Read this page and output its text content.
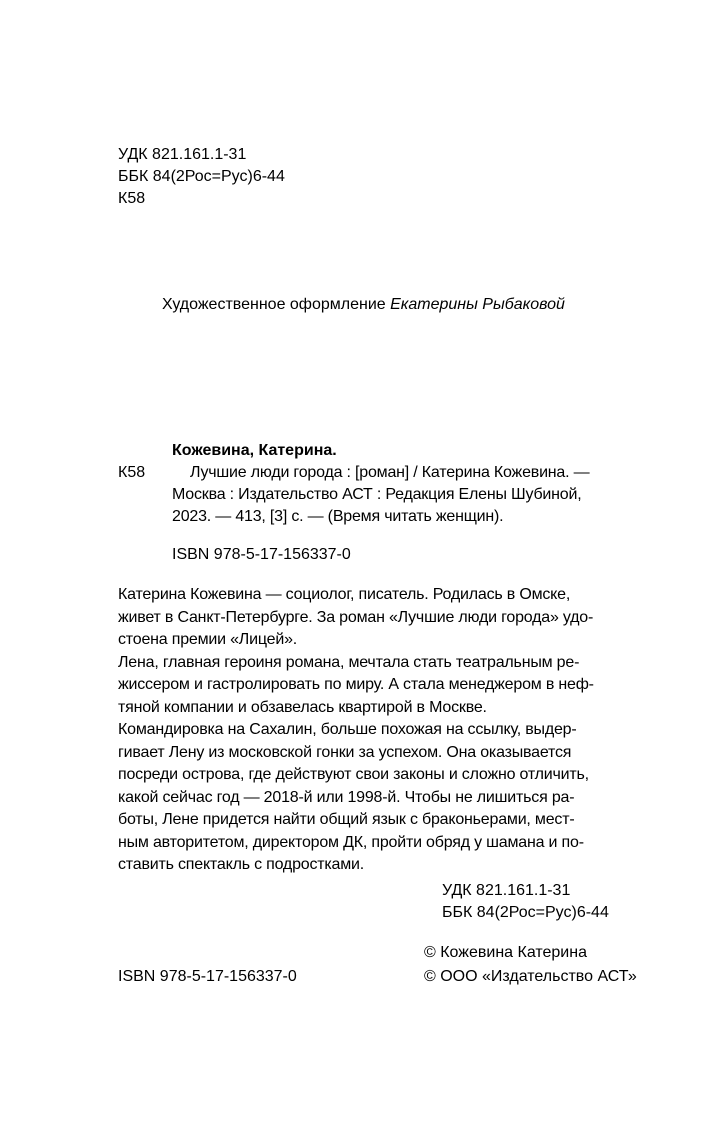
УДК 821.161.1-31
ББК 84(2Рос=Рус)6-44
К58
Художественное оформление Екатерины Рыбаковой
Кожевина, Катерина.
К58	Лучшие люди города : [роман] / Катерина Кожевина. —
Москва : Издательство АСТ : Редакция Елены Шубиной,
2023. — 413, [3] с. — (Время читать женщин).
ISBN 978-5-17-156337-0

Катерина Кожевина — социолог, писатель. Родилась в Омске,

живет в Санкт-Петербурге. За роман «Лучшие люди города» удо-

стоена премии «Лицей».

Лена, главная героиня романа, мечтала стать театральным ре-

жиссером и гастролировать по миру. А стала менеджером в неф-

тяной компании и обзавелась квартирой в Москве.

Командировка на Сахалин, больше похожая на ссылку, выдер-

гивает Лену из московской гонки за успехом. Она оказывается

посреди острова, где действуют свои законы и сложно отличить,

какой сейчас год — 2018-й или 1998-й. Чтобы не лишиться ра-

боты, Лене придется найти общий язык с браконьерами, мест-

ным авторитетом, директором ДК, пройти обряд у шамана и по-

ставить спектакль с подростками.

УДК 821.161.1-31
ББК 84(2Рос=Рус)6-44
© Кожевина Катерина
ISBN 978-5-17-156337-0	© ООО «Издательство АСТ»
